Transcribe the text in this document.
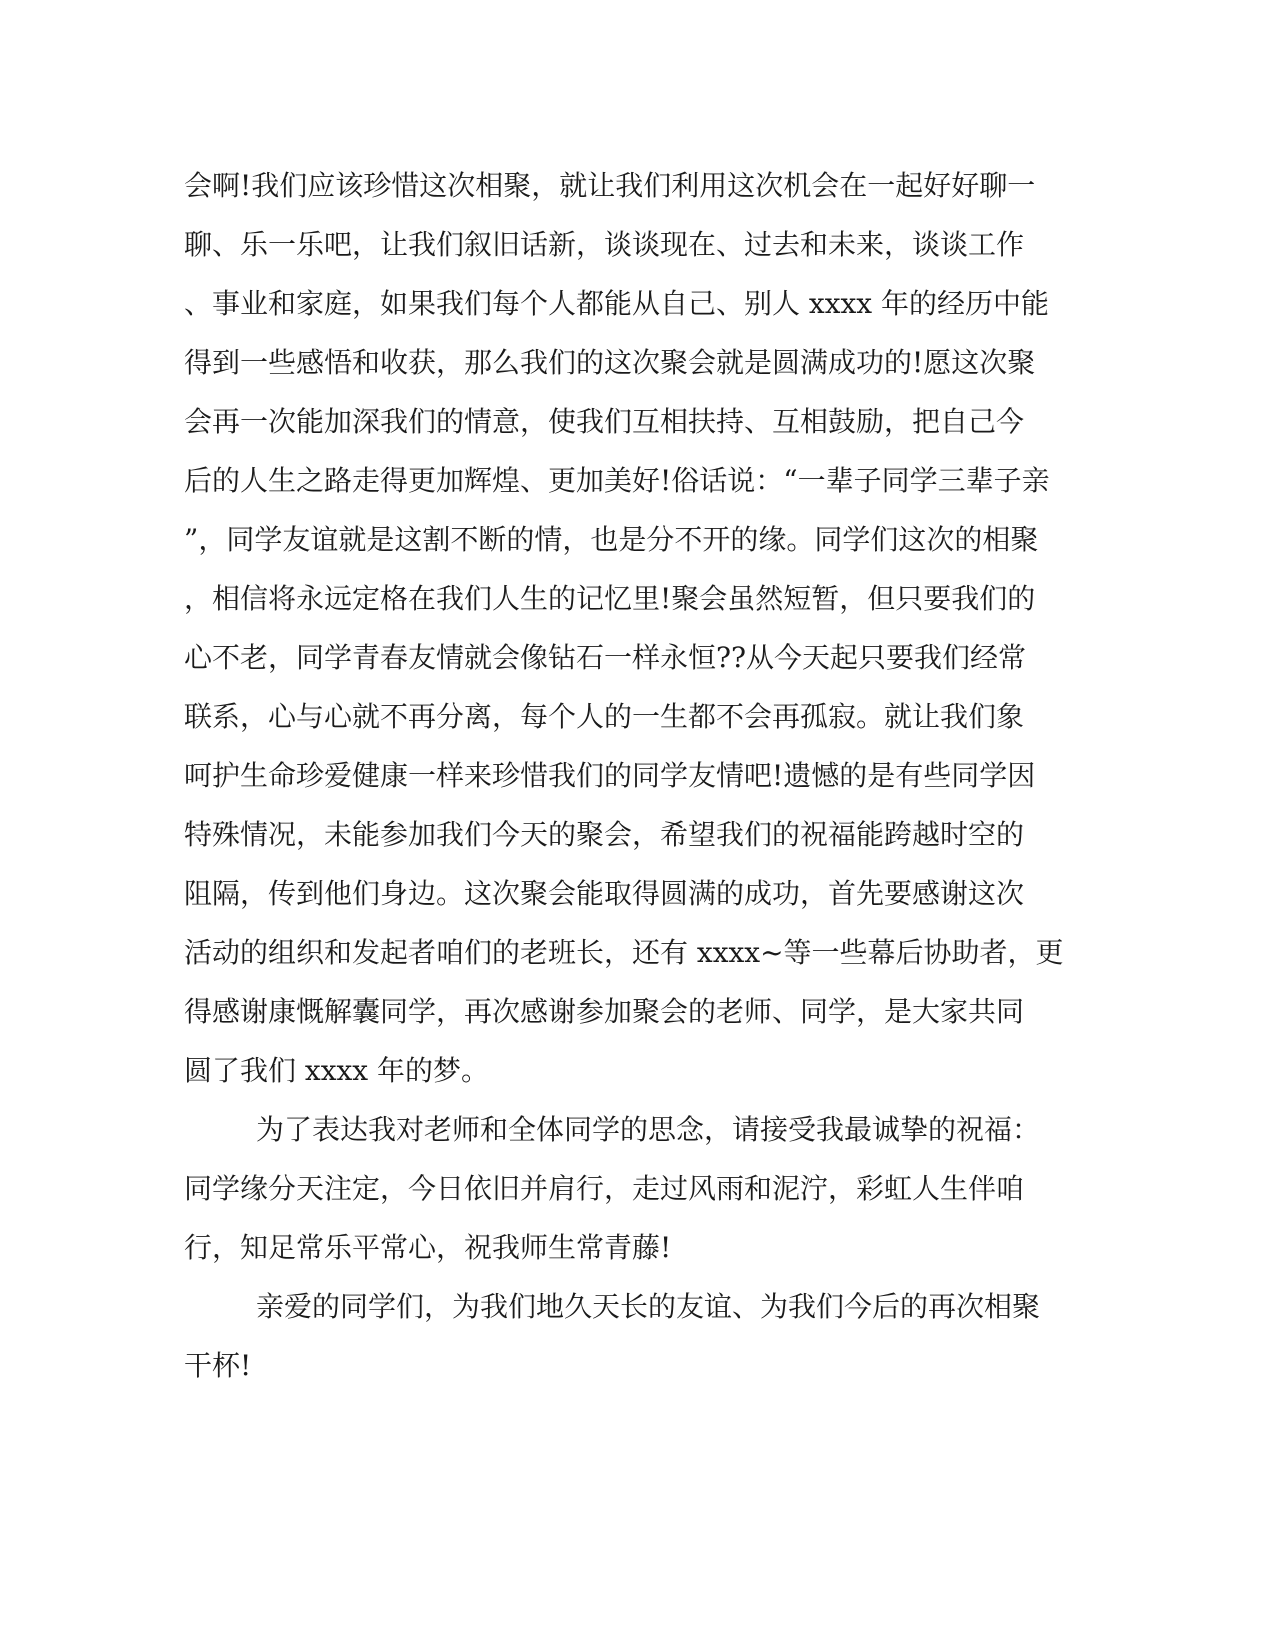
会啊!我们应该珍惜这次相聚，就让我们利用这次机会在一起好好聊一

聊、乐一乐吧，让我们叙旧话新，谈谈现在、过去和未来，谈谈工作

、事业和家庭，如果我们每个人都能从自己、别人 xxxx 年的经历中能

得到一些感悟和收获，那么我们的这次聚会就是圆满成功的!愿这次聚

会再一次能加深我们的情意，使我们互相扶持、互相鼓励，把自己今

后的人生之路走得更加辉煌、更加美好!俗话说：“一辈子同学三辈子亲

”，同学友谊就是这割不断的情，也是分不开的缘。同学们这次的相聚

，相信将永远定格在我们人生的记忆里!聚会虽然短暂，但只要我们的

心不老，同学青春友情就会像钻石一样永恒??从今天起只要我们经常

联系，心与心就不再分离，每个人的一生都不会再孤寂。就让我们象

呵护生命珍爱健康一样来珍惜我们的同学友情吧!遗憾的是有些同学因

特殊情况，未能参加我们今天的聚会，希望我们的祝福能跨越时空的

阻隔，传到他们身边。这次聚会能取得圆满的成功，首先要感谢这次

活动的组织和发起者咱们的老班长，还有 xxxx~等一些幕后协助者，更

得感谢康慨解囊同学，再次感谢参加聚会的老师、同学，是大家共同

圆了我们 xxxx 年的梦。

为了表达我对老师和全体同学的思念，请接受我最诚挚的祝福：

同学缘分天注定，今日依旧并肩行，走过风雨和泥泞，彩虹人生伴咱

行，知足常乐平常心，祝我师生常青藤!

亲爱的同学们，为我们地久天长的友谊、为我们今后的再次相聚

干杯!
